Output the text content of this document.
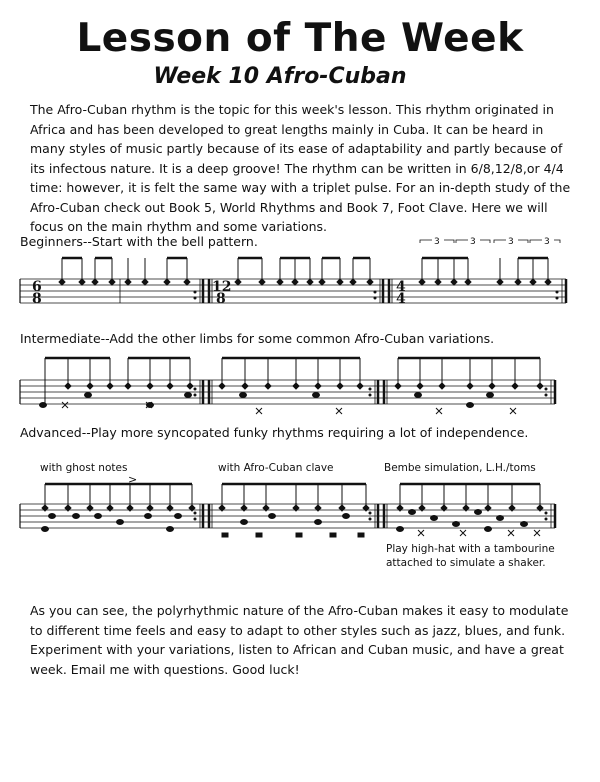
Lesson of The Week
Week 10 Afro-Cuban

The Afro-Cuban rhythm is the topic for this week's lesson. This rhythm originated in Africa and has been developed to great lengths mainly in Cuba. It can be heard in many styles of music partly because of its ease of adaptability and partly because of its infectous nature. It is a deep groove! The rhythm can be written in 6/8,12/8,or 4/4 time: however, it is felt the same way with a triplet pulse. For an in-depth study of the Afro-Cuban check out Book 5, World Rhythms and Book 7, Foot Clave. Here we will focus on the main rhythm and some variations.

Beginners--Start with the bell pattern.
Intermediate--Add the other limbs for some common Afro-Cuban variations.
Advanced--Play more syncopated funky rhythms requiring a lot of independence.
with ghost notes	with Afro-Cuban clave	Bembe simulation, L.H./toms
>
Play high-hat with a tambourine
attached to simulate a shaker.
3	3	3	3
6
8
12
8
4
4

As you can see, the polyrhythmic nature of the Afro-Cuban makes it easy to modulate to different time feels and easy to adapt to other styles such as jazz, blues, and funk. Experiment with your variations, listen to African and Cuban music, and have a great week. Email me with questions. Good luck!
